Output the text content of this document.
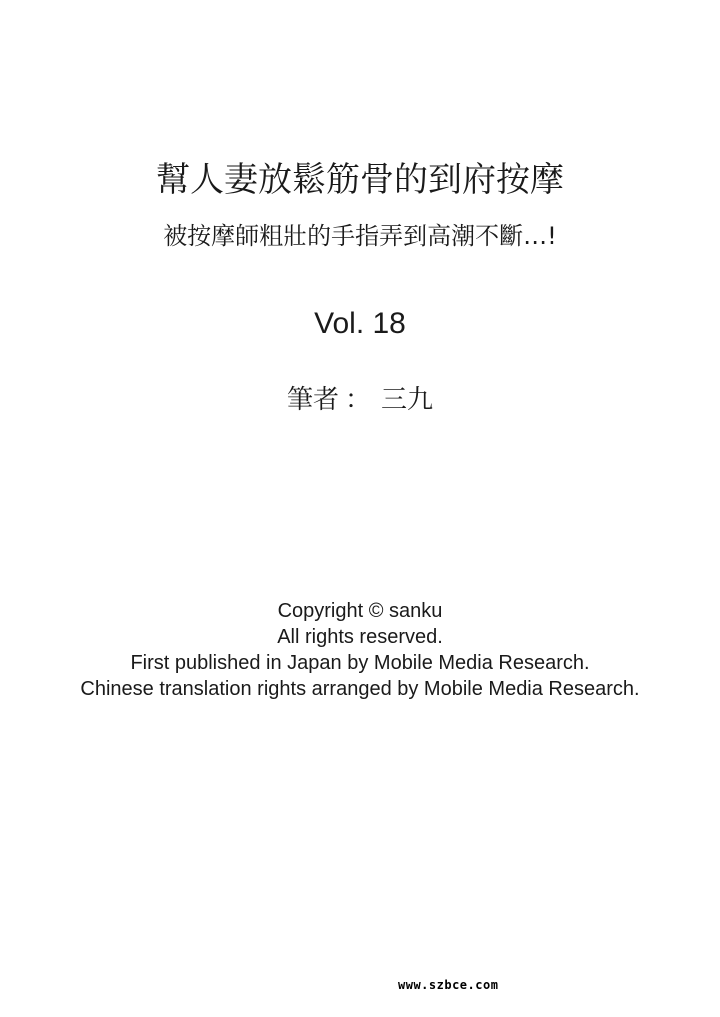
幫人妻放鬆筋骨的到府按摩
被按摩師粗壯的手指弄到高潮不斷…!
Vol. 18
筆者 ： 三九
Copyright © sanku
All rights reserved.
First published in Japan by Mobile Media Research.
Chinese translation rights arranged by Mobile Media Research.
www.szbce.com
